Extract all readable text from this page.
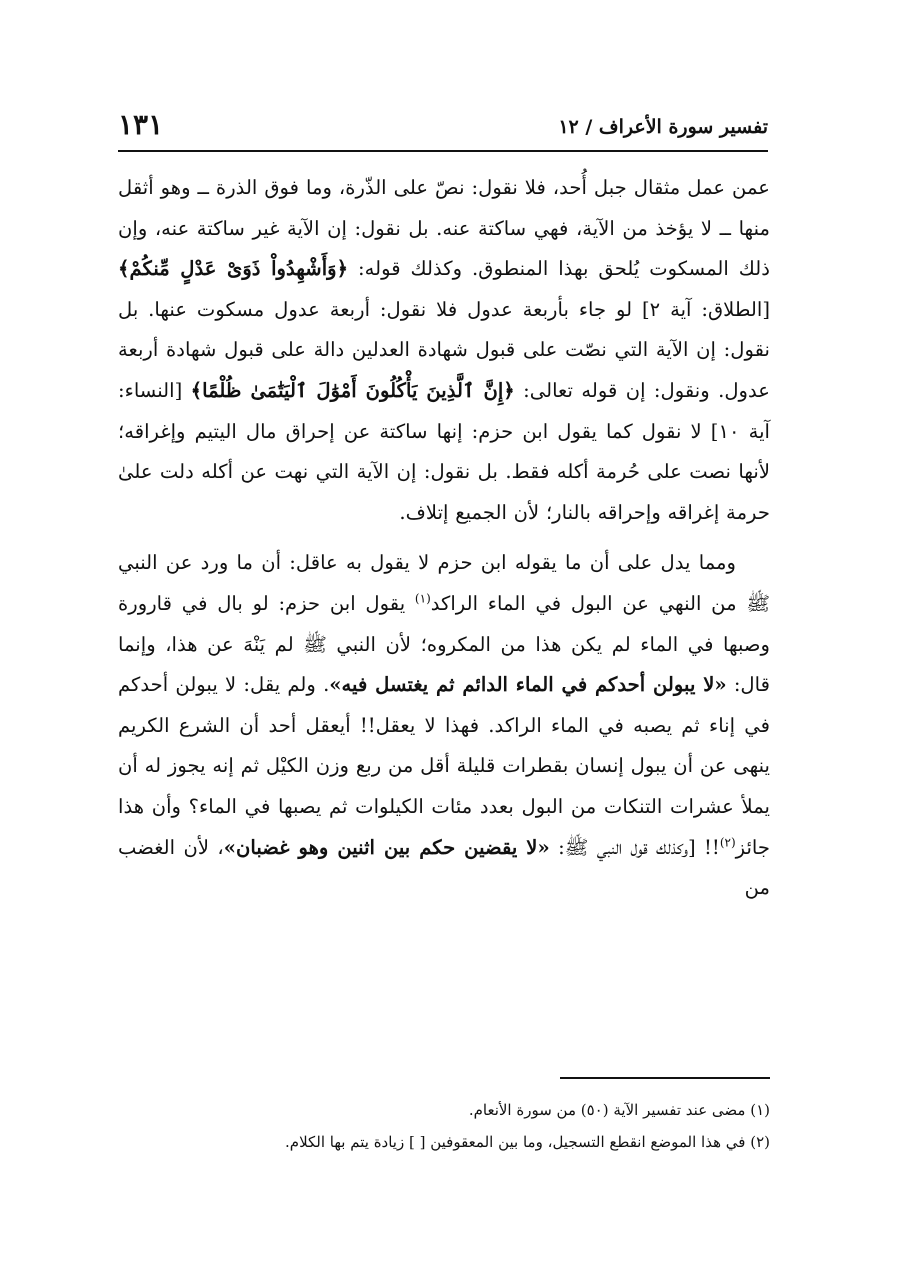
تفسير سورة الأعراف / ١٢
١٣١

عمن عمل مثقال جبل أُحد، فلا نقول: نصّ على الذّرة، وما فوق الذرة ــ وهو أثقل منها ــ لا يؤخذ من الآية، فهي ساكتة عنه. بل نقول: إن الآية غير ساكتة عنه، وإن ذلك المسكوت يُلحق بهذا المنطوق. وكذلك قوله: ﴿وَأَشْهِدُواْ ذَوَىْ عَدْلٍ مِّنكُمْ﴾ [الطلاق: آية ٢] لو جاء بأربعة عدول فلا نقول: أربعة عدول مسكوت عنها. بل نقول: إن الآية التي نصّت على قبول شهادة العدلين دالة على قبول شهادة أربعة عدول. ونقول: إن قوله تعالى: ﴿إِنَّ ٱلَّذِينَ يَأْكُلُونَ أَمْوَٰلَ ٱلْيَتَٰمَىٰ ظُلْمًا﴾ [النساء: آية ١٠] لا نقول كما يقول ابن حزم: إنها ساكتة عن إحراق مال اليتيم وإغراقه؛ لأنها نصت على حُرمة أكله فقط. بل نقول: إن الآية التي نهت عن أكله دلت علىٰ حرمة إغراقه وإحراقه بالنار؛ لأن الجميع إتلاف.

ومما يدل على أن ما يقوله ابن حزم لا يقول به عاقل: أن ما ورد عن النبي ﷺ من النهي عن البول في الماء الراكد$^{(١)}$ يقول ابن حزم: لو بال في قارورة وصبها في الماء لم يكن هذا من المكروه؛ لأن النبي ﷺ لم يَنْهَ عن هذا، وإنما قال: «لا يبولن أحدكم في الماء الدائم ثم يغتسل فيه». ولم يقل: لا يبولن أحدكم في إناء ثم يصبه في الماء الراكد. فهذا لا يعقل!! أيعقل أحد أن الشرع الكريم ينهى عن أن يبول إنسان بقطرات قليلة أقل من ربع وزن الكيْل ثم إنه يجوز له أن يملأ عشرات التنكات من البول بعدد مئات الكيلوات ثم يصبها في الماء؟ وأن هذا جائز$^{(٢)}$!! [وكذلك قول النبي ﷺ: «لا يقضين حكم بين اثنين وهو غضبان»، لأن الغضب من

(١) مضى عند تفسير الآية (٥٠) من سورة الأنعام.

(٢) في هذا الموضع انقطع التسجيل، وما بين المعقوفين [ ] زيادة يتم بها الكلام.
